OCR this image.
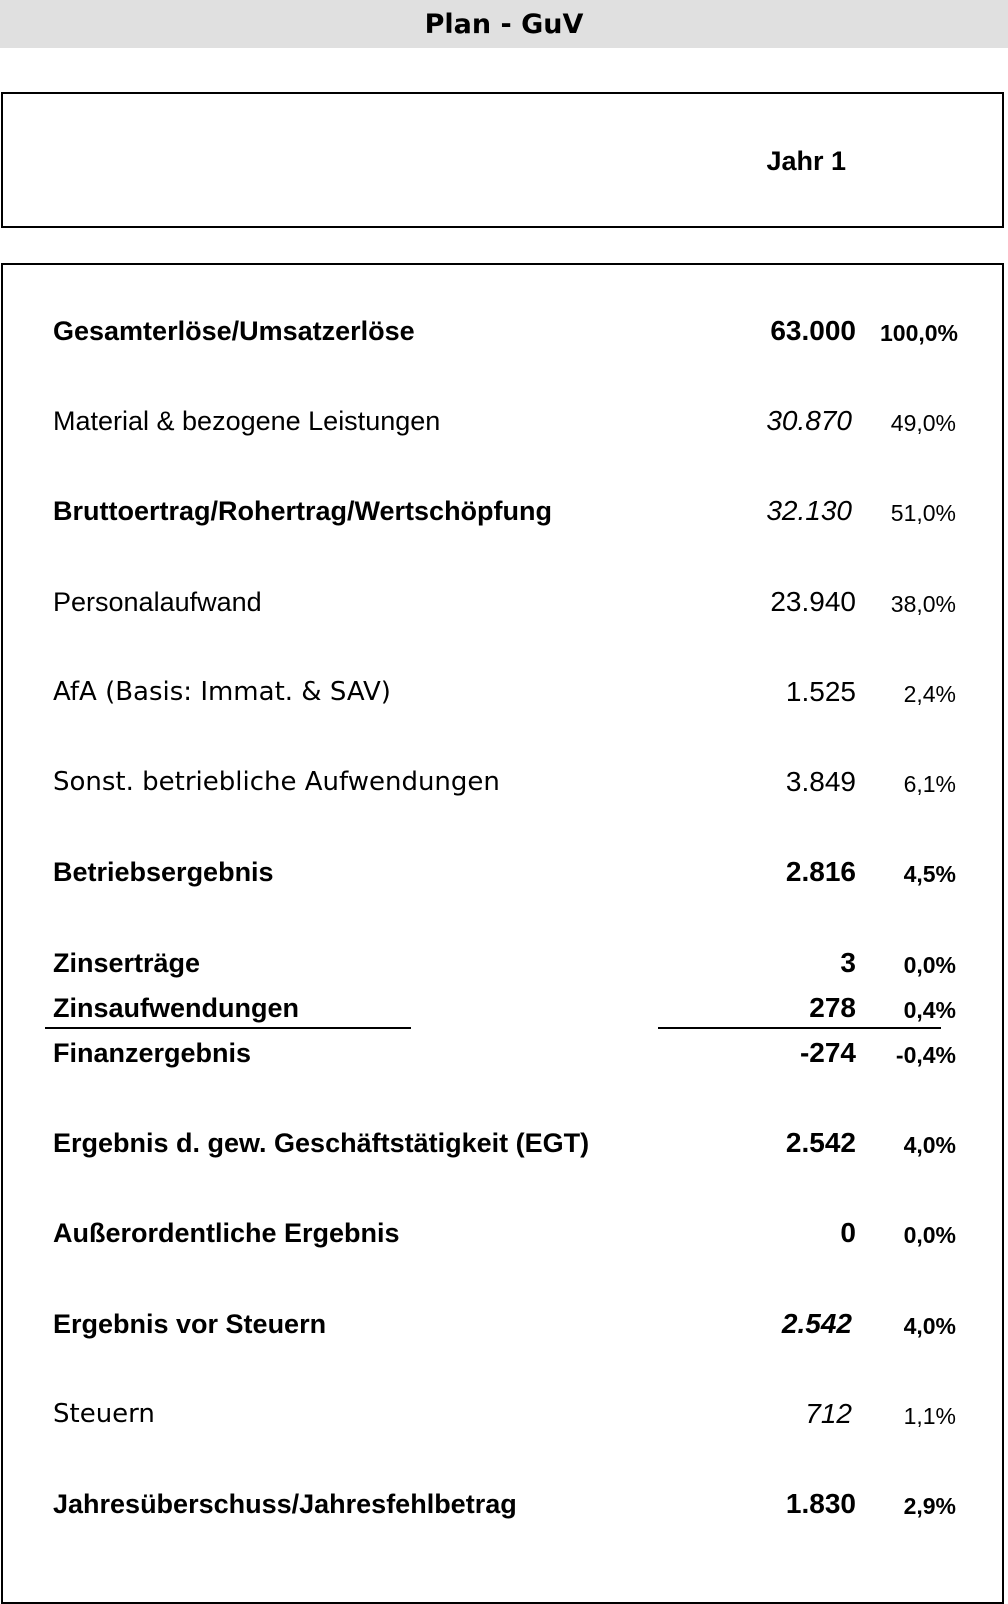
Plan - GuV
Jahr 1
Gesamterlöse/Umsatzerlöse	63.000 100,0%
Material & bezogene Leistungen	30.870 49,0%
Bruttoertrag/Rohertrag/Wertschöpfung	32.130 51,0%
Personalaufwand	23.940 38,0%
AfA (Basis: Immat. & SAV)	1.525 2,4%
Sonst. betriebliche Aufwendungen	3.849 6,1%
Betriebsergebnis	2.816 4,5%
Zinserträge	3 0,0%
Zinsaufwendungen	278 0,4%
Finanzergebnis	-274 -0,4%
Ergebnis d. gew. Geschäftstätigkeit (EGT)	2.542 4,0%
Außerordentliche Ergebnis	0 0,0%
Ergebnis vor Steuern	2.542 4,0%
Steuern	712 1,1%
Jahresüberschuss/Jahresfehlbetrag	1.830 2,9%
